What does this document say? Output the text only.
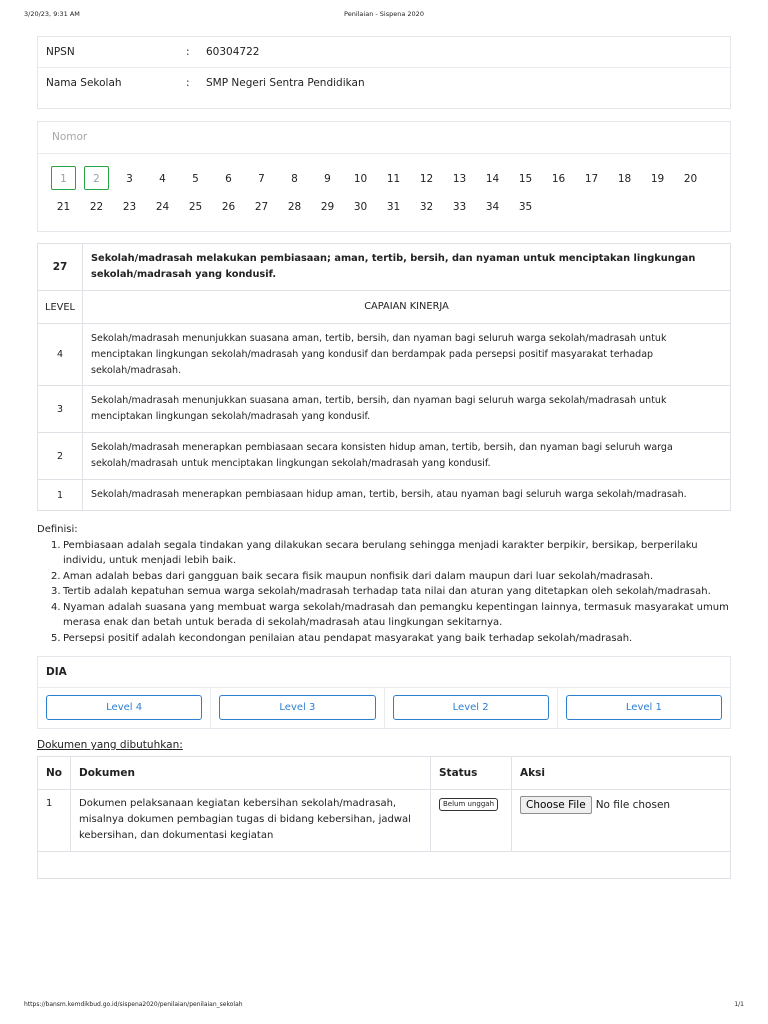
3/20/23, 9:31 AM	Penilaian - Sispena 2020
NPSN	: 60304722
Nama Sekolah	: SMP Negeri Sentra Pendidikan
Nomor
1	2	3	4	5	6	7	8	9	10	11	12	13	14	15	16	17	18	19	20
21	22	23	24	25	26	27	28	29	30	31	32	33	34	35
27	Sekolah/madrasah melakukan pembiasaan; aman, tertib, bersih, dan nyaman untuk menciptakan lingkungan sekolah/madrasah yang kondusif.
LEVEL	CAPAIAN KINERJA
4	Sekolah/madrasah menunjukkan suasana aman, tertib, bersih, dan nyaman bagi seluruh warga sekolah/madrasah untuk menciptakan lingkungan sekolah/madrasah yang kondusif dan berdampak pada persepsi positif masyarakat terhadap sekolah/madrasah.
3	Sekolah/madrasah menunjukkan suasana aman, tertib, bersih, dan nyaman bagi seluruh warga sekolah/madrasah untuk menciptakan lingkungan sekolah/madrasah yang kondusif.
2	Sekolah/madrasah menerapkan pembiasaan secara konsisten hidup aman, tertib, bersih, dan nyaman bagi seluruh warga sekolah/madrasah untuk menciptakan lingkungan sekolah/madrasah yang kondusif.
1	Sekolah/madrasah menerapkan pembiasaan hidup aman, tertib, bersih, atau nyaman bagi seluruh warga sekolah/madrasah.
Definisi:
1. Pembiasaan adalah segala tindakan yang dilakukan secara berulang sehingga menjadi karakter berpikir, bersikap, berperilaku individu, untuk menjadi lebih baik.
2. Aman adalah bebas dari gangguan baik secara fisik maupun nonfisik dari dalam maupun dari luar sekolah/madrasah.
3. Tertib adalah kepatuhan semua warga sekolah/madrasah terhadap tata nilai dan aturan yang ditetapkan oleh sekolah/madrasah.
4. Nyaman adalah suasana yang membuat warga sekolah/madrasah dan pemangku kepentingan lainnya, termasuk masyarakat umum merasa enak dan betah untuk berada di sekolah/madrasah atau lingkungan sekitarnya.
5. Persepsi positif adalah kecondongan penilaian atau pendapat masyarakat yang baik terhadap sekolah/madrasah.
DIA
Level 4	Level 3	Level 2	Level 1
Dokumen yang dibutuhkan:
No	Dokumen	Status	Aksi
1	Dokumen pelaksanaan kegiatan kebersihan sekolah/madrasah, misalnya dokumen pembagian tugas di bidang kebersihan, jadwal kebersihan, dan dokumentasi kegiatan	Belum unggah	Choose File No file chosen

https://bansm.kemdikbud.go.id/sispena2020/penilaian/penilaian_sekolah	1/1
